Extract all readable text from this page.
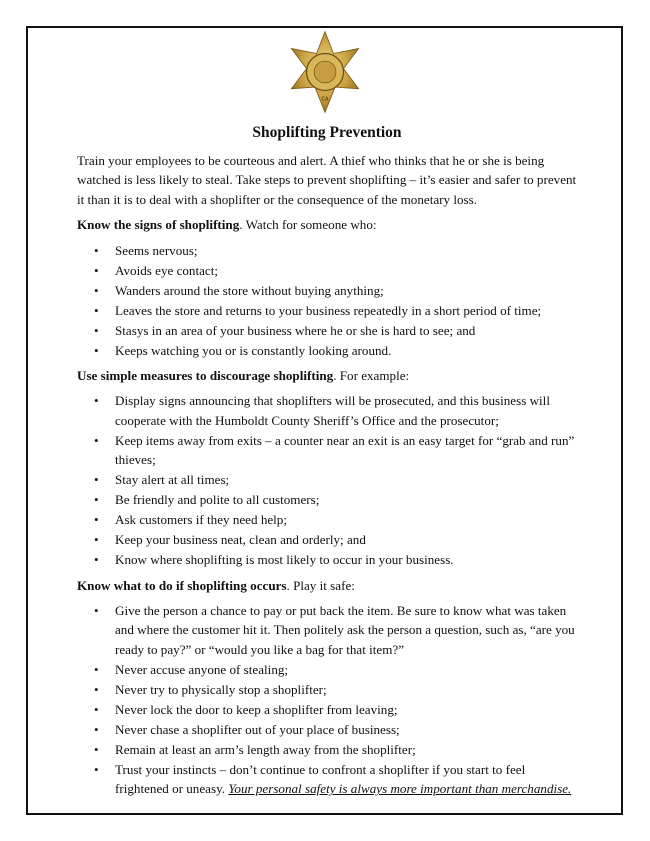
CA
Shoplifting Prevention

Train your employees to be courteous and alert. A thief who thinks that he or she is being watched is less likely to steal. Take steps to prevent shoplifting – it’s easier and safer to prevent it than it is to deal with a shoplifter or the consequence of the monetary loss.

Know the signs of shoplifting. Watch for someone who:

• Seems nervous;
• Avoids eye contact;
• Wanders around the store without buying anything;
• Leaves the store and returns to your business repeatedly in a short period of time;
• Stasys in an area of your business where he or she is hard to see; and
• Keeps watching you or is constantly looking around.

Use simple measures to discourage shoplifting. For example:

• Display signs announcing that shoplifters will be prosecuted, and this business will cooperate with the Humboldt County Sheriff’s Office and the prosecutor;
• Keep items away from exits – a counter near an exit is an easy target for “grab and run” thieves;
• Stay alert at all times;
• Be friendly and polite to all customers;
• Ask customers if they need help;
• Keep your business neat, clean and orderly; and
• Know where shoplifting is most likely to occur in your business.

Know what to do if shoplifting occurs. Play it safe:

• Give the person a chance to pay or put back the item. Be sure to know what was taken and where the customer hit it. Then politely ask the person a question, such as, “are you ready to pay?” or “would you like a bag for that item?”
• Never accuse anyone of stealing;
• Never try to physically stop a shoplifter;
• Never lock the door to keep a shoplifter from leaving;
• Never chase a shoplifter out of your place of business;
• Remain at least an arm’s length away from the shoplifter;
• Trust your instincts – don’t continue to confront a shoplifter if you start to feel frightened or uneasy. Your personal safety is always more important than merchandise.
